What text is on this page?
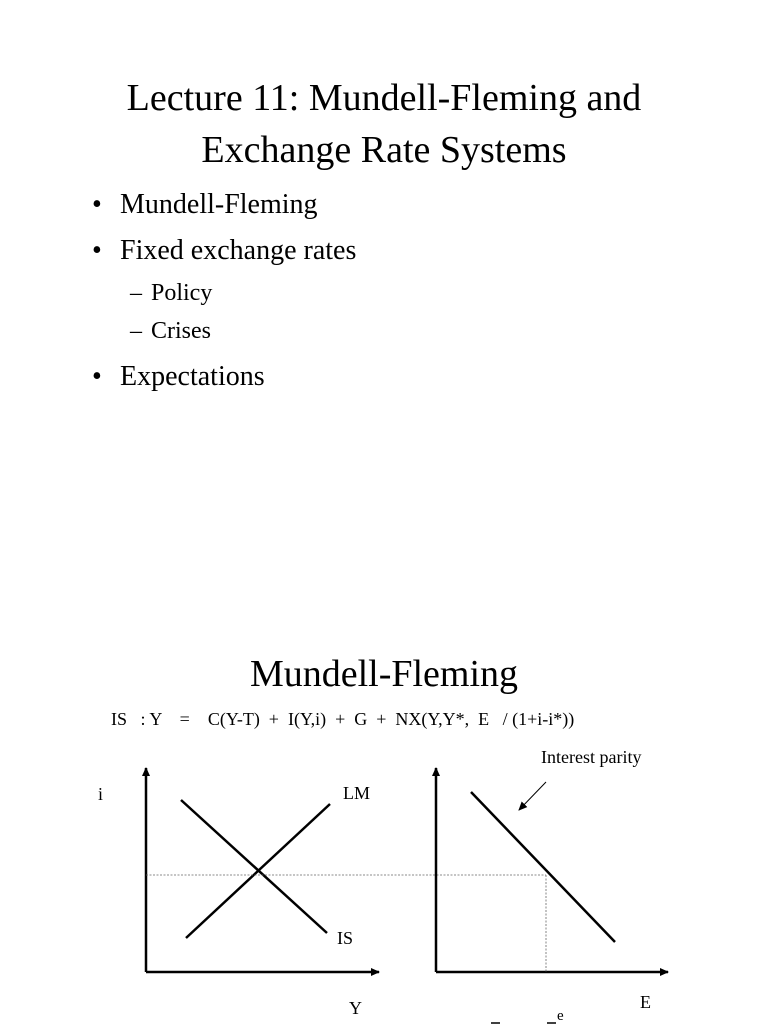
Lecture 11: Mundell-Fleming and
Exchange Rate Systems
• Mundell-Fleming
• Fixed exchange rates
– Policy
– Crises
• Expectations
Mundell-Fleming
IS   : Y    =    C(Y-T)  +  I(Y,i)  +  G  +  NX(Y,Y*,  E   / (1+i-i*))
i	LM
IS
Y
Interest parity
E
e
